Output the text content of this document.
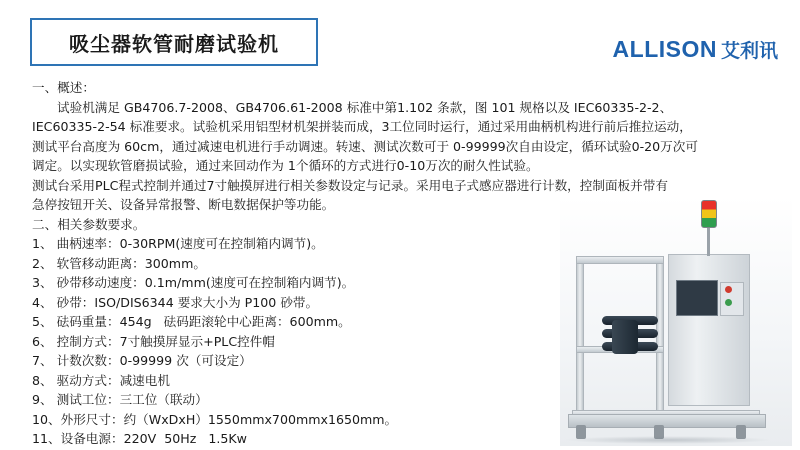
吸尘器软管耐磨试验机	ALLISON 艾利讯

一、概述：

试验机满足 GB4706.7-2008、GB4706.61-2008 标准中第1.102 条款，图 101 规格以及 IEC60335-2-2、

IEC60335-2-54 标准要求。试验机采用铝型材机架拼装而成，3工位同时运行，通过采用曲柄机构进行前后推拉运动，

测试平台高度为 60cm，通过减速电机进行手动调速。转速、测试次数可于 0-99999次自由设定，循环试验0-20万次可

调定。以实现软管磨损试验，通过来回动作为 1个循环的方式进行0-10万次的耐久性试验。

测试台采用PLC程式控制并通过7寸触摸屏进行相关参数设定与记录。采用电子式感应器进行计数，控制面板并带有

急停按钮开关、设备异常报警、断电数据保护等功能。

二、相关参数要求。

1、 曲柄速率：0-30RPM(速度可在控制箱内调节)。

2、 软管移动距离：300mm。

3、 砂带移动速度：0.1m/mm(速度可在控制箱内调节)。

4、 砂带：ISO/DIS6344 要求大小为 P100 砂带。

5、 砝码重量：454g   砝码距滚轮中心距离：600mm。

6、 控制方式：7寸触摸屏显示+PLC控件帽

7、 计数次数：0-99999 次（可设定）

8、 驱动方式：减速电机

9、 测试工位：三工位（联动）

10、外形尺寸：约（WxDxH）1550mmx700mmx1650mm。

11、设备电源：220V  50Hz   1.5Kw
